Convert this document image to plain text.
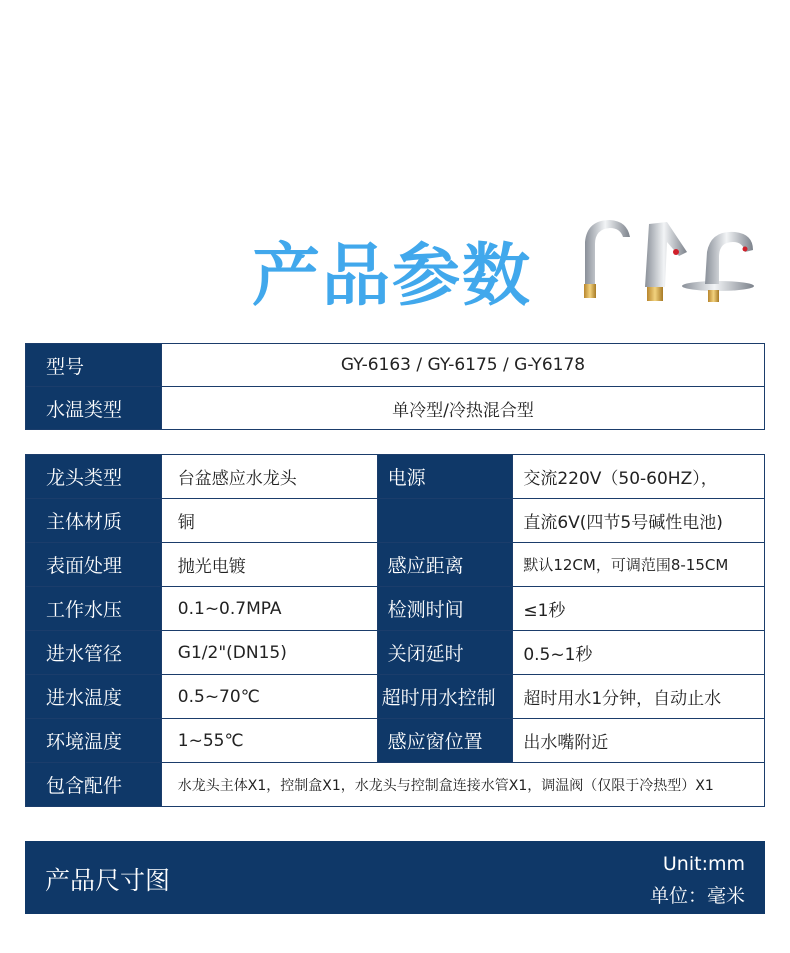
产品参数
型号	GY-6163 / GY-6175 / G-Y6178
水温类型	单冷型/冷热混合型
龙头类型	台盆感应水龙头	电源	交流220V（50-60HZ），
主体材质	铜		直流6V(四节5号碱性电池)
表面处理	抛光电镀	感应距离	默认12CM，可调范围8-15CM
工作水压	0.1~0.7MPA	检测时间	≤1秒
进水管径	G1/2"(DN15)	关闭延时	0.5~1秒
进水温度	0.5~70℃	超时用水控制	超时用水1分钟，自动止水
环境温度	1~55℃	感应窗位置	出水嘴附近
包含配件	水龙头主体X1，控制盒X1，水龙头与控制盒连接水管X1，调温阀（仅限于冷热型）X1		
产品尺寸图
Unit:mm
单位：毫米
